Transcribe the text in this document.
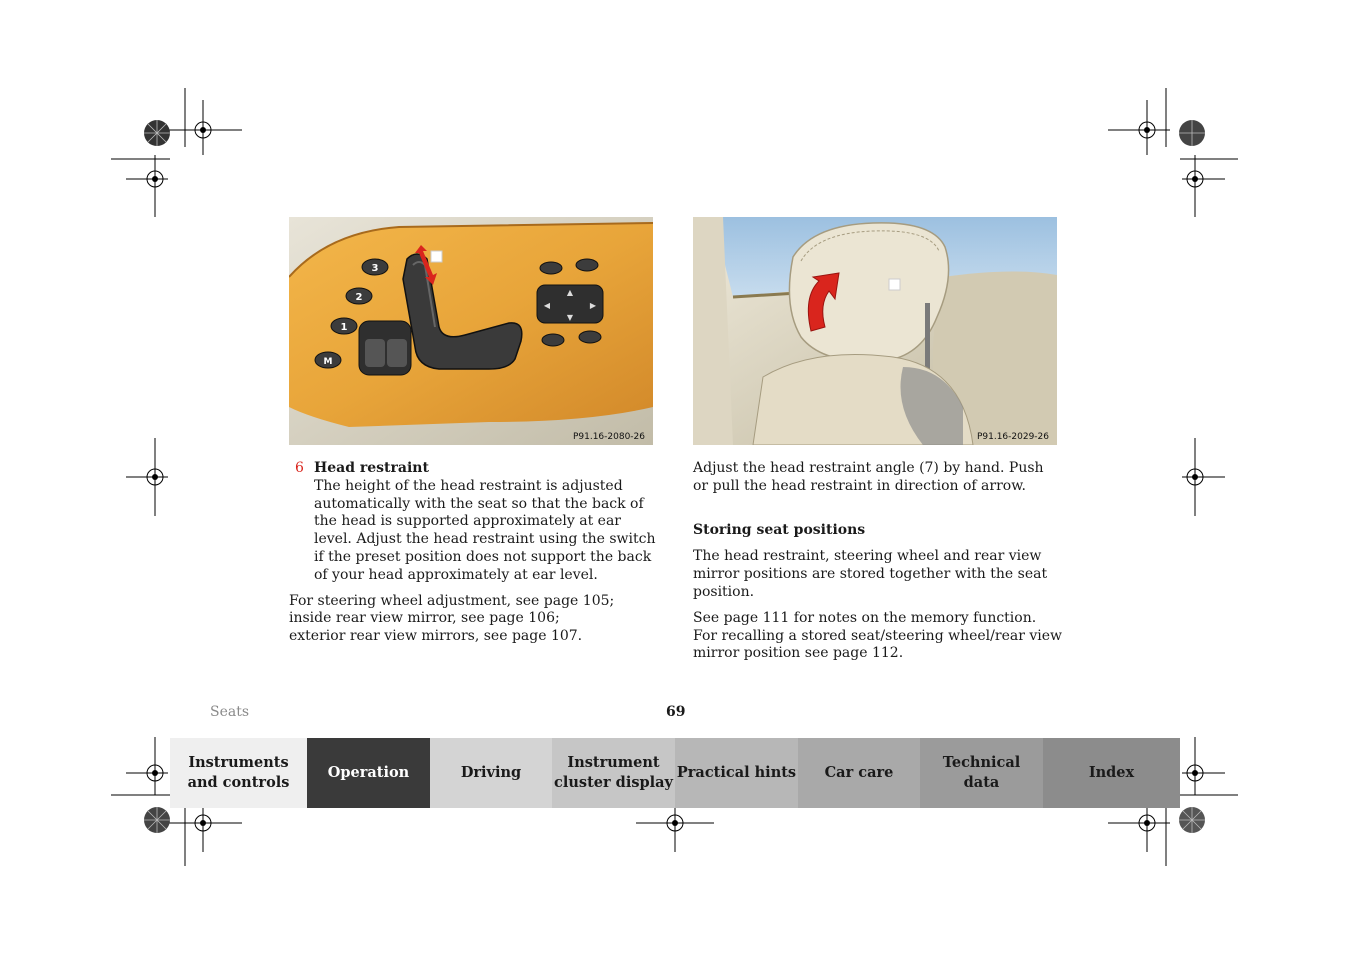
3
2
1
M
▲
▼
◀	▶
P91.16-2080-26	P91.16-2029-26
6 Head restraint

The height of the head restraint is adjusted automatically with the seat so that the back of the head is supported approximately at ear level. Adjust the head restraint using the switch if the preset position does not support the back of your head approximately at ear level.

For steering wheel adjustment, see page 105;

inside rear view mirror, see page 106;

exterior rear view mirrors, see page 107.

Adjust the head restraint angle (7) by hand. Push or pull the head restraint in direction of arrow.

Storing seat positions

The head restraint, steering wheel and rear view mirror positions are stored together with the seat position.

See page 111 for notes on the memory function. For recalling a stored seat/steering wheel/rear view mirror position see page 112.

Seats	69
Instruments
and controls
Operation	Driving
Instrument
cluster display
Practical hints	Car care
Technical
data
Index
